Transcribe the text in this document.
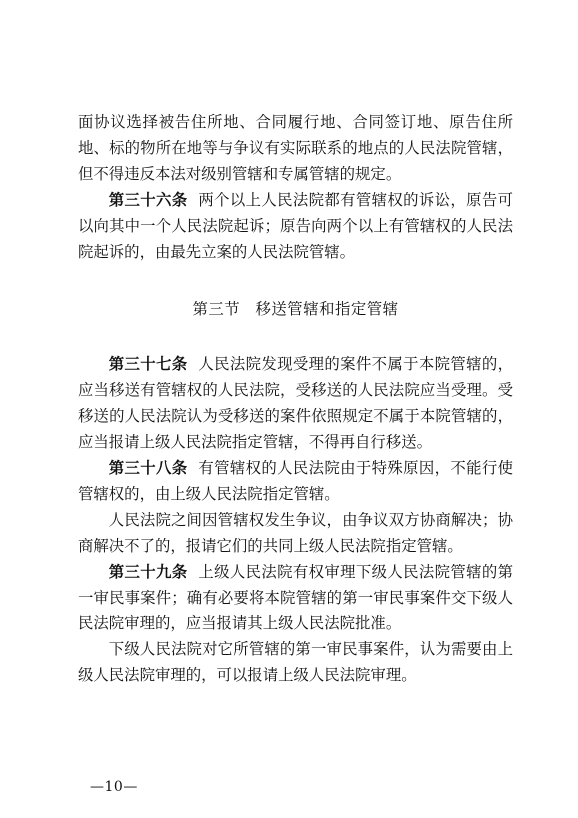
面协议选择被告住所地、合同履行地、合同签订地、原告住所地、标的物所在地等与争议有实际联系的地点的人民法院管辖，但不得违反本法对级别管辖和专属管辖的规定。

第三十六条 两个以上人民法院都有管辖权的诉讼，原告可以向其中一个人民法院起诉；原告向两个以上有管辖权的人民法院起诉的，由最先立案的人民法院管辖。

第三节 移送管辖和指定管辖

第三十七条 人民法院发现受理的案件不属于本院管辖的，应当移送有管辖权的人民法院，受移送的人民法院应当受理。受移送的人民法院认为受移送的案件依照规定不属于本院管辖的，应当报请上级人民法院指定管辖，不得再自行移送。

第三十八条 有管辖权的人民法院由于特殊原因，不能行使管辖权的，由上级人民法院指定管辖。

人民法院之间因管辖权发生争议，由争议双方协商解决；协商解决不了的，报请它们的共同上级人民法院指定管辖。

第三十九条 上级人民法院有权审理下级人民法院管辖的第一审民事案件；确有必要将本院管辖的第一审民事案件交下级人民法院审理的，应当报请其上级人民法院批准。

下级人民法院对它所管辖的第一审民事案件，认为需要由上级人民法院审理的，可以报请上级人民法院审理。

—10—
